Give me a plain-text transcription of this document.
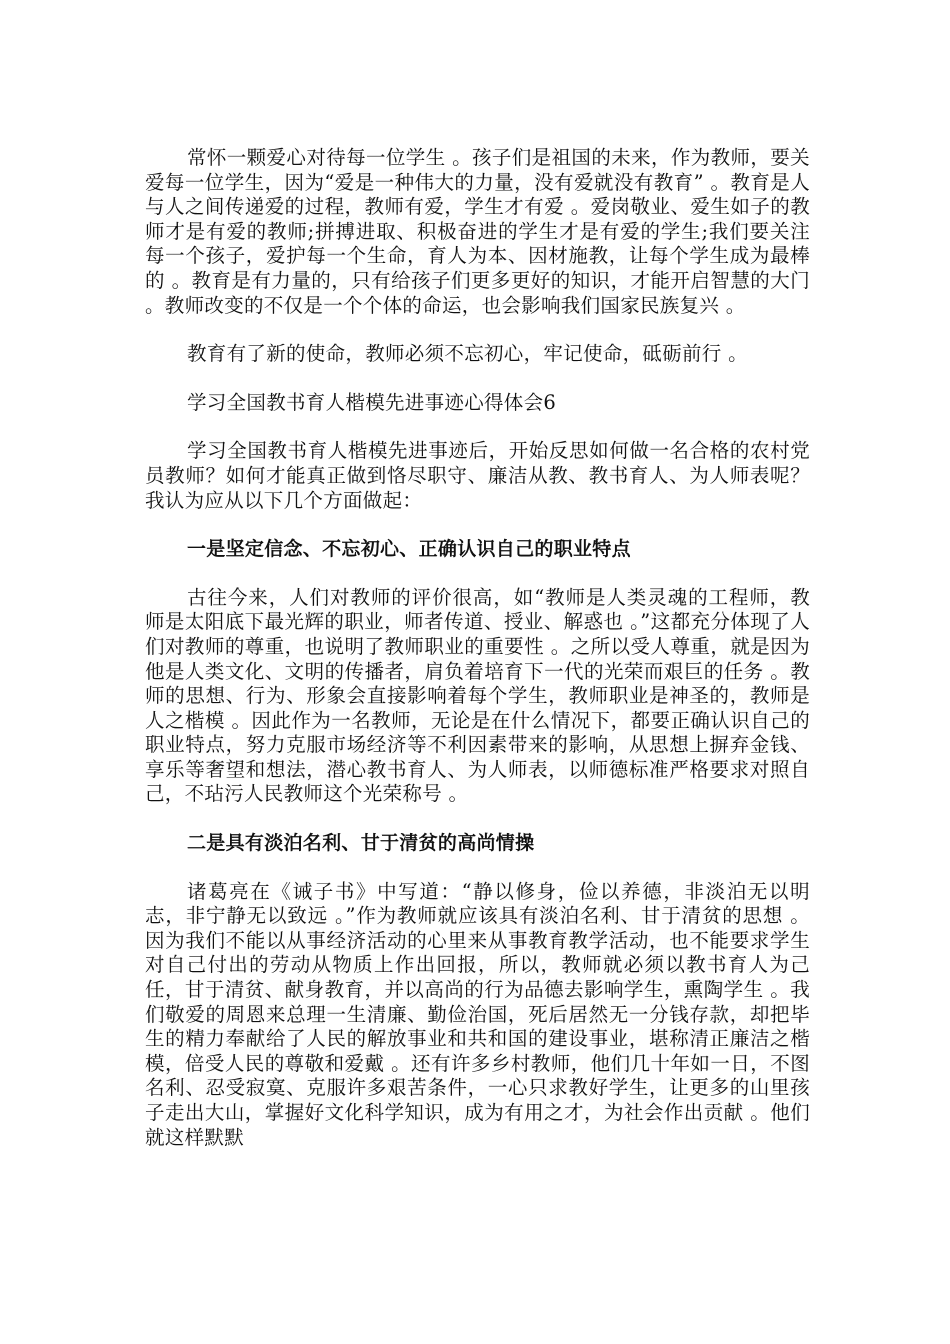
常怀一颗爱心对待每一位学生 。孩子们是祖国的未来，作为教师，要关爱每一位学生，因为“爱是一种伟大的力量，没有爱就没有教育” 。教育是人与人之间传递爱的过程，教师有爱，学生才有爱 。爱岗敬业、爱生如子的教师才是有爱的教师;拼搏进取、积极奋进的学生才是有爱的学生;我们要关注每一个孩子，爱护每一个生命，育人为本、因材施教，让每个学生成为最棒的 。教育是有力量的，只有给孩子们更多更好的知识，才能开启智慧的大门 。教师改变的不仅是一个个体的命运，也会影响我们国家民族复兴 。

教育有了新的使命，教师必须不忘初心，牢记使命，砥砺前行 。

学习全国教书育人楷模先进事迹心得体会6

学习全国教书育人楷模先进事迹后，开始反思如何做一名合格的农村党员教师？如何才能真正做到恪尽职守、廉洁从教、教书育人、为人师表呢？我认为应从以下几个方面做起：

一是坚定信念、不忘初心、正确认识自己的职业特点

古往今来，人们对教师的评价很高，如“教师是人类灵魂的工程师，教师是太阳底下最光辉的职业，师者传道、授业、解惑也 。”这都充分体现了人们对教师的尊重，也说明了教师职业的重要性 。之所以受人尊重，就是因为他是人类文化、文明的传播者，肩负着培育下一代的光荣而艰巨的任务 。教师的思想、行为、形象会直接影响着每个学生，教师职业是神圣的，教师是人之楷模 。因此作为一名教师，无论是在什么情况下，都要正确认识自己的职业特点，努力克服市场经济等不利因素带来的影响，从思想上摒弃金钱、享乐等奢望和想法，潜心教书育人、为人师表，以师德标准严格要求对照自己，不玷污人民教师这个光荣称号 。

二是具有淡泊名利、甘于清贫的高尚情操

诸葛亮在《诫子书》中写道：“静以修身，俭以养德，非淡泊无以明志，非宁静无以致远 。”作为教师就应该具有淡泊名利、甘于清贫的思想 。因为我们不能以从事经济活动的心里来从事教育教学活动，也不能要求学生对自己付出的劳动从物质上作出回报，所以，教师就必须以教书育人为己任，甘于清贫、献身教育，并以高尚的行为品德去影响学生，熏陶学生 。我们敬爱的周恩来总理一生清廉、勤俭治国，死后居然无一分钱存款，却把毕生的精力奉献给了人民的解放事业和共和国的建设事业，堪称清正廉洁之楷模，倍受人民的尊敬和爱戴 。还有许多乡村教师，他们几十年如一日，不图名利、忍受寂寞、克服许多艰苦条件，一心只求教好学生，让更多的山里孩子走出大山，掌握好文化科学知识，成为有用之才，为社会作出贡献 。他们就这样默默
